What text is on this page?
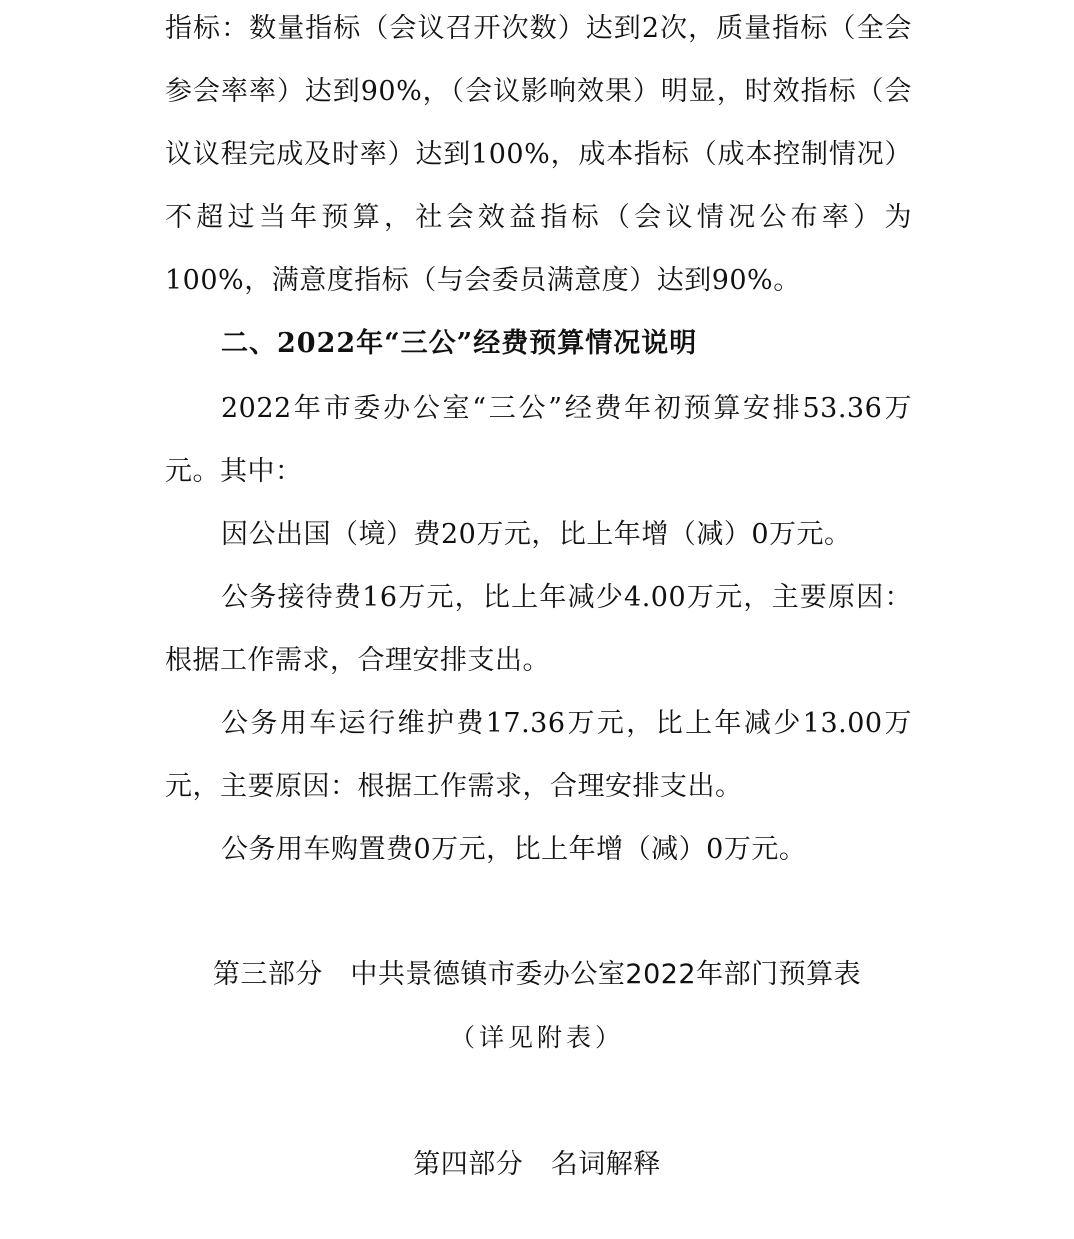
指标：数量指标（会议召开次数）达到2次，质量指标（全会参会率率）达到90%，（会议影响效果）明显，时效指标（会议议程完成及时率）达到100%，成本指标（成本控制情况）不超过当年预算，社会效益指标（会议情况公布率）为100%，满意度指标（与会委员满意度）达到90%。

二、2022年“三公”经费预算情况说明

2022年市委办公室“三公”经费年初预算安排53.36万元。其中：

因公出国（境）费20万元，比上年增（减）0万元。

公务接待费16万元，比上年减少4.00万元，主要原因：根据工作需求，合理安排支出。

公务用车运行维护费17.36万元，比上年减少13.00万元，主要原因：根据工作需求，合理安排支出。

公务用车购置费0万元，比上年增（减）0万元。

第三部分　中共景德镇市委办公室2022年部门预算表

（详见附表）

第四部分　名词解释
